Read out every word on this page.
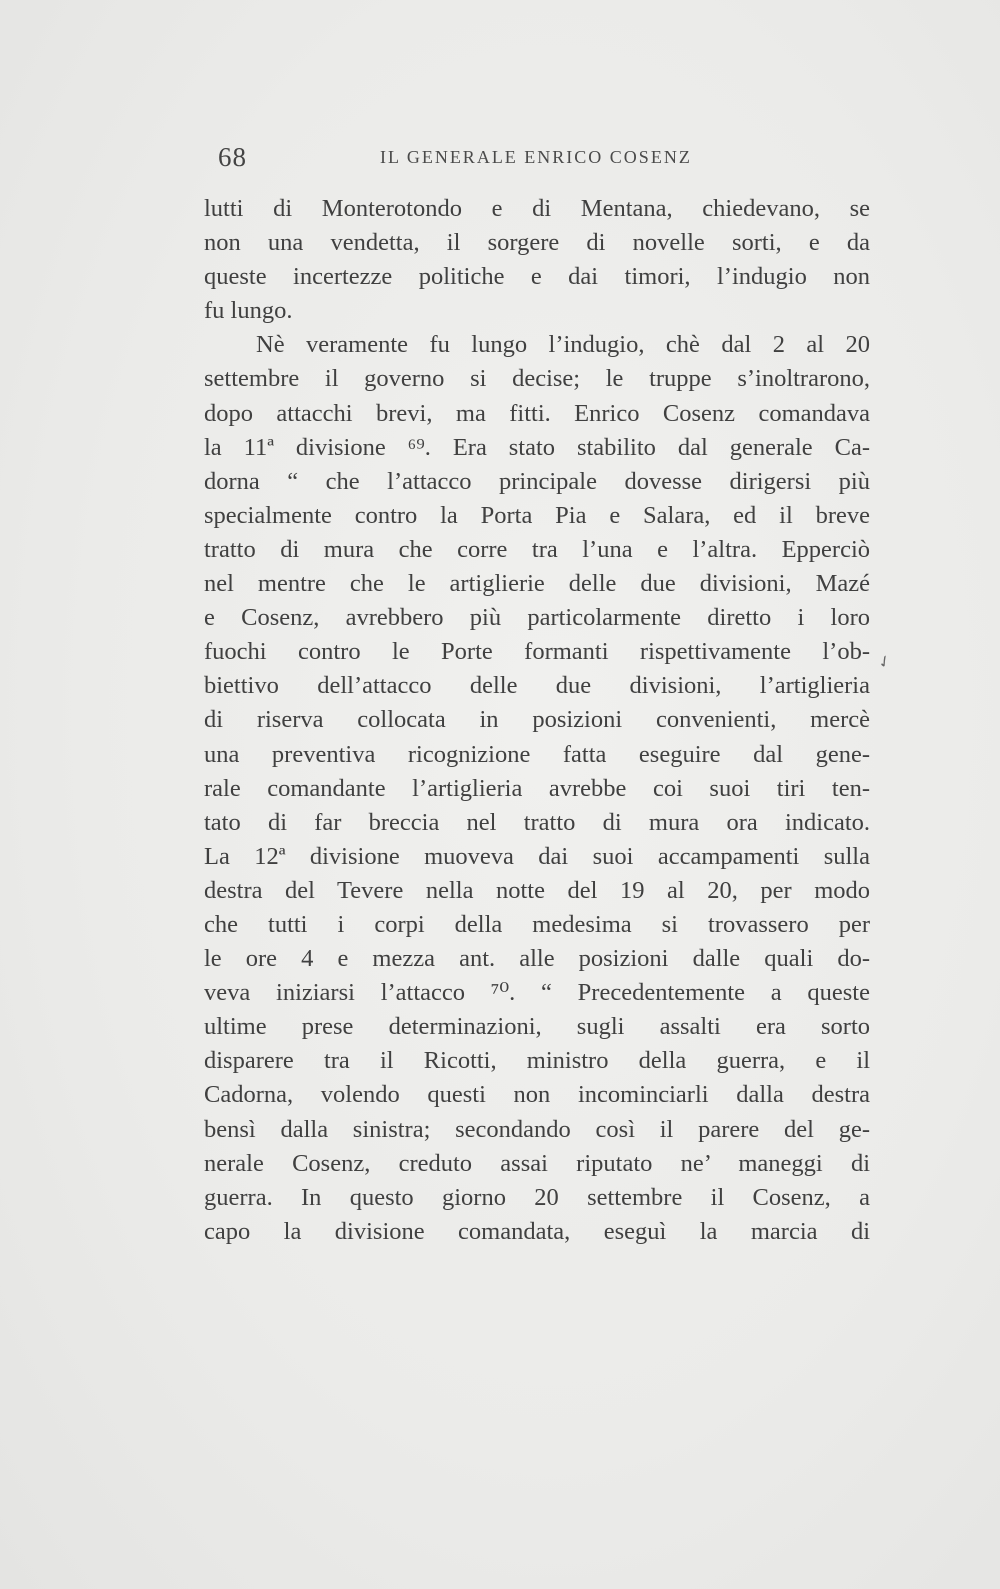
68	IL GENERALE ENRICO COSENZ
lutti di Monterotondo e di Mentana, chiedevano, se
non una vendetta, il sorgere di novelle sorti, e da
queste incertezze politiche e dai timori, l’indugio non
fu lungo.
Nè veramente fu lungo l’indugio, chè dal 2 al 20
settembre il governo si decise; le truppe s’inoltrarono,
dopo attacchi brevi, ma fitti. Enrico Cosenz comandava
la 11ª divisione ⁶⁹. Era stato stabilito dal generale Ca-
dorna “ che l’attacco principale dovesse dirigersi più
specialmente contro la Porta Pia e Salara, ed il breve
tratto di mura che corre tra l’una e l’altra. Epperciò
nel mentre che le artiglierie delle due divisioni, Mazé
e Cosenz, avrebbero più particolarmente diretto i loro
fuochi contro le Porte formanti rispettivamente l’ob-
biettivo dell’attacco delle due divisioni, l’artiglieria
di riserva collocata in posizioni convenienti, mercè
una preventiva ricognizione fatta eseguire dal gene-
rale comandante l’artiglieria avrebbe coi suoi tiri ten-
tato di far breccia nel tratto di mura ora indicato.
La 12ª divisione muoveva dai suoi accampamenti sulla
destra del Tevere nella notte del 19 al 20, per modo
che tutti i corpi della medesima si trovassero per
le ore 4 e mezza ant. alle posizioni dalle quali do-
veva iniziarsi l’attacco ⁷⁰. “ Precedentemente a queste
ultime prese determinazioni, sugli assalti era sorto
disparere tra il Ricotti, ministro della guerra, e il
Cadorna, volendo questi non incominciarli dalla destra
bensì dalla sinistra; secondando così il parere del ge-
nerale Cosenz, creduto assai riputato ne’ maneggi di
guerra. In questo giorno 20 settembre il Cosenz, a
capo la divisione comandata, eseguì la marcia di
✓
